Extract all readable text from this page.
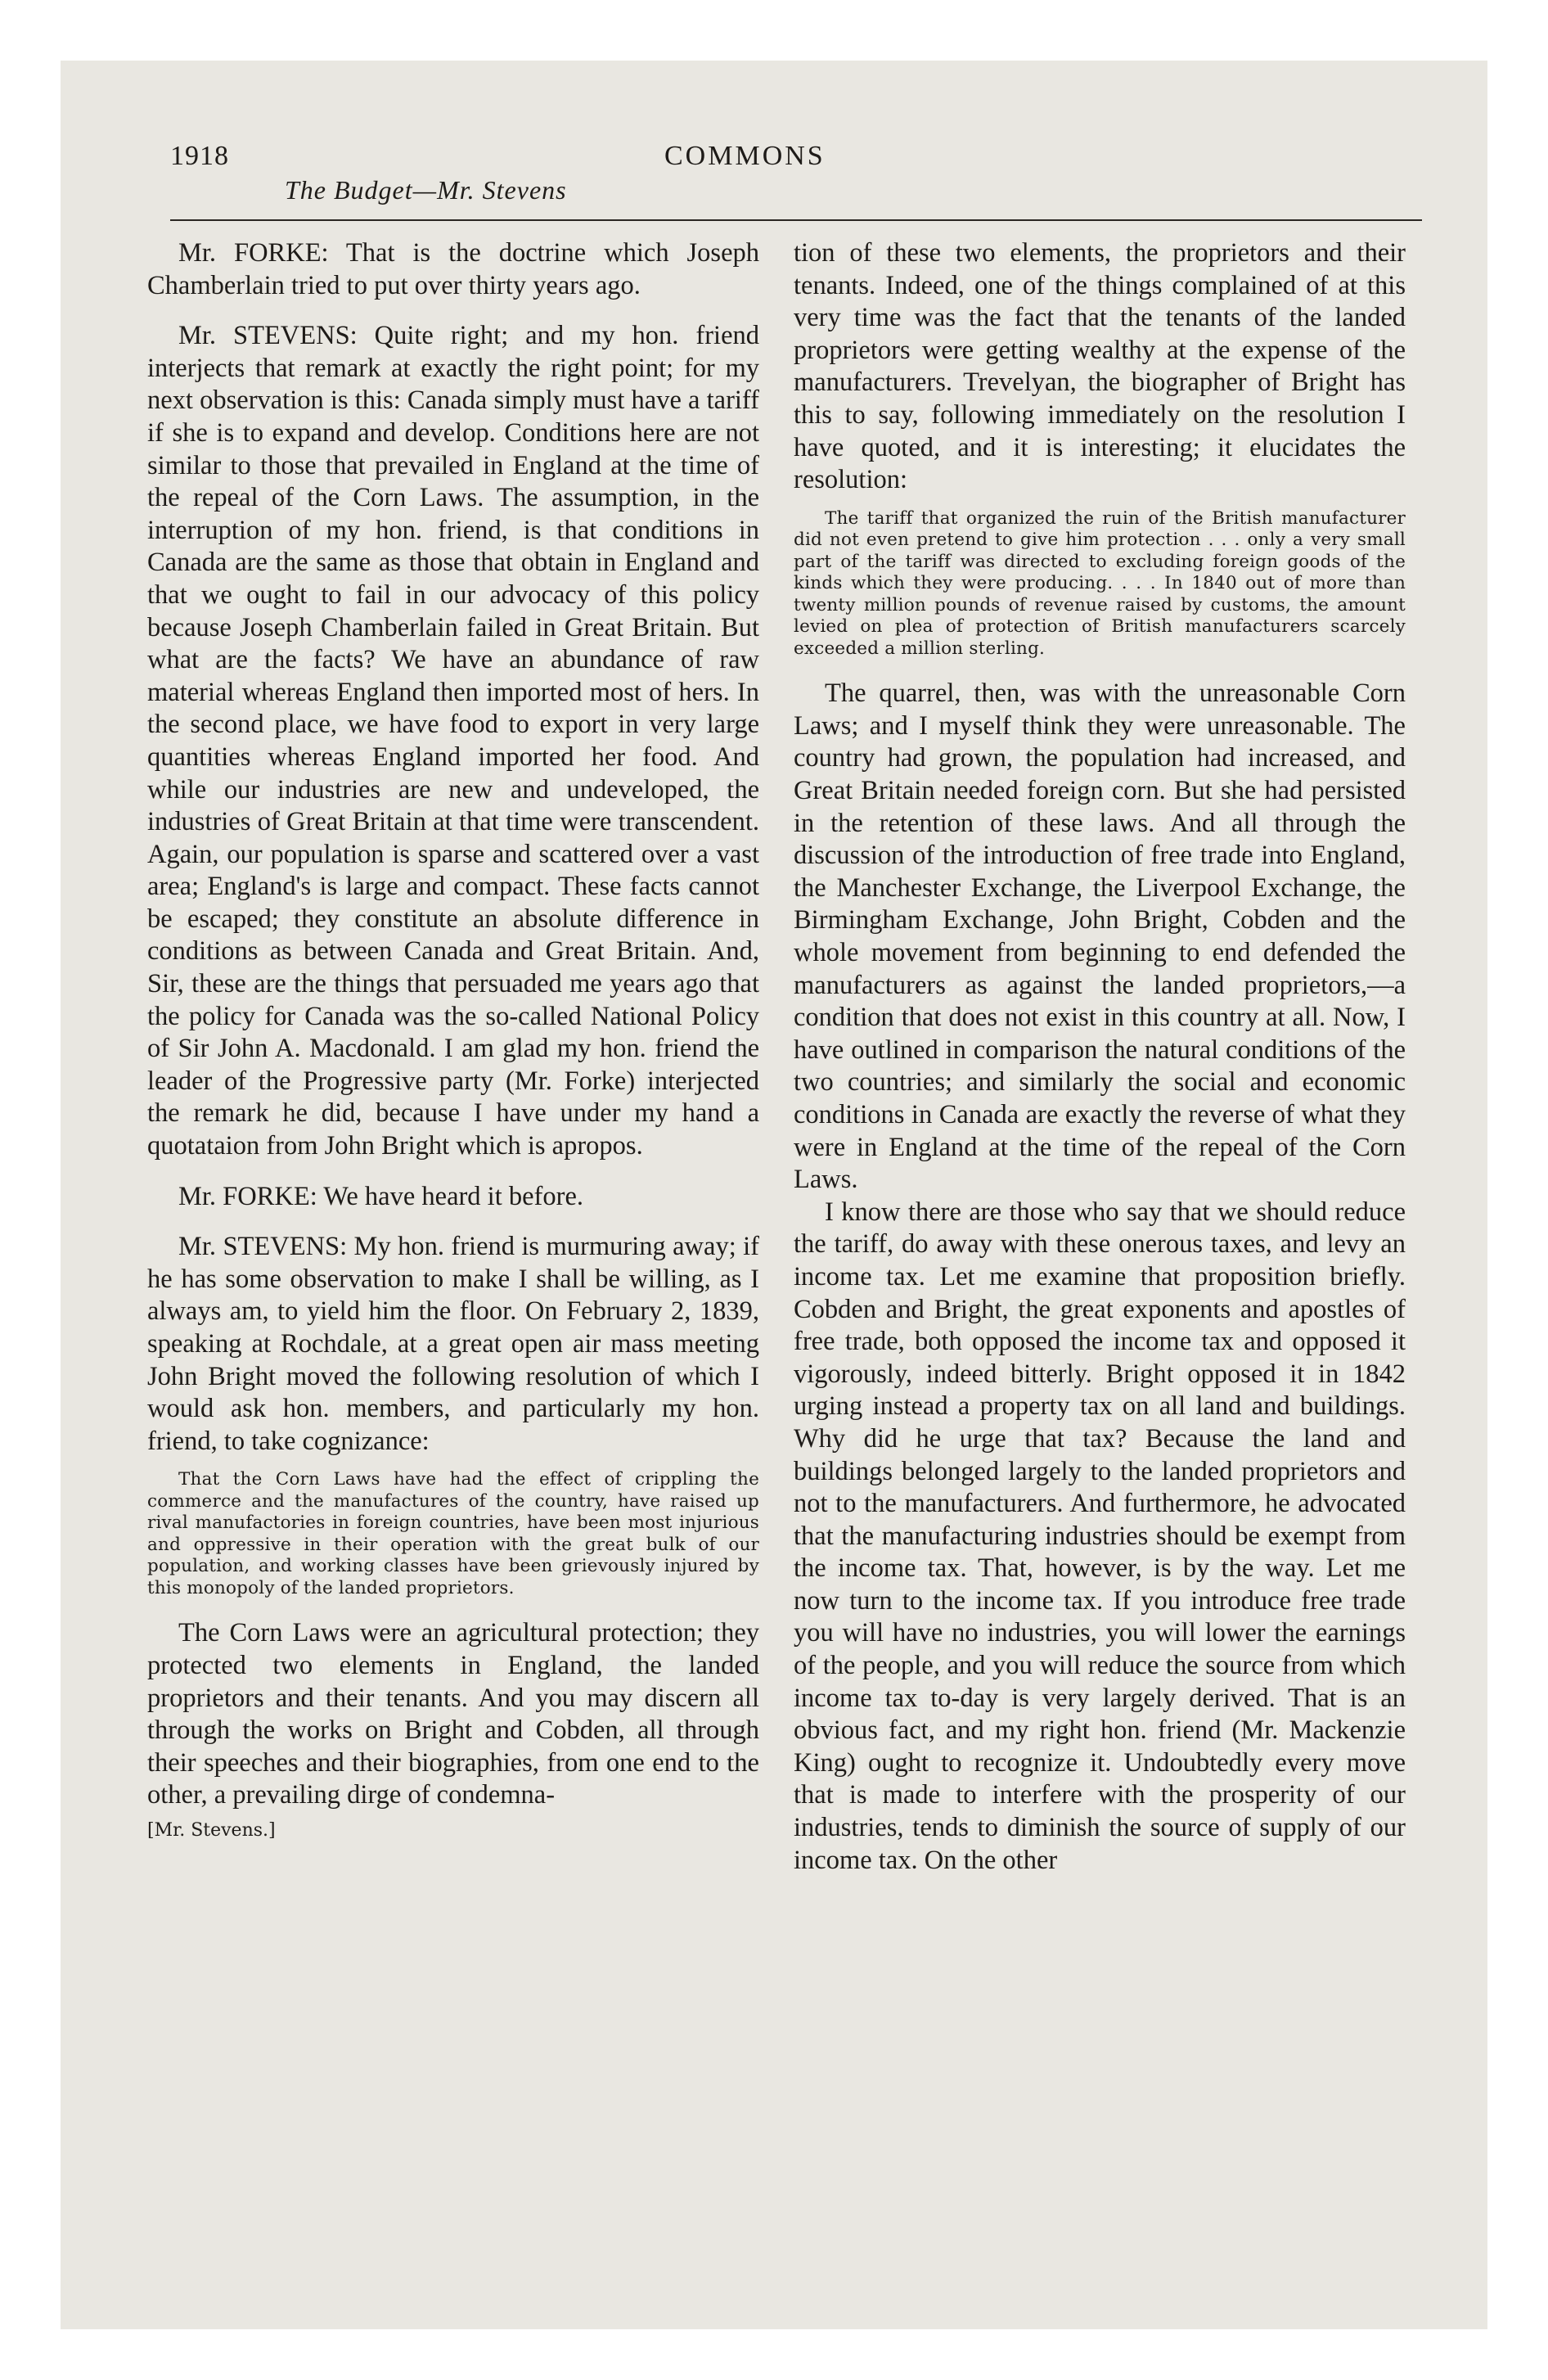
1918	COMMONS
The Budget—Mr. Stevens

Mr. FORKE: That is the doctrine which Joseph Chamberlain tried to put over thirty years ago.

Mr. STEVENS: Quite right; and my hon. friend interjects that remark at exactly the right point; for my next observation is this: Canada simply must have a tariff if she is to expand and develop. Conditions here are not similar to those that prevailed in England at the time of the repeal of the Corn Laws. The assumption, in the interruption of my hon. friend, is that conditions in Canada are the same as those that obtain in England and that we ought to fail in our advocacy of this policy because Joseph Chamberlain failed in Great Britain. But what are the facts? We have an abundance of raw material whereas England then imported most of hers. In the second place, we have food to export in very large quantities whereas England imported her food. And while our industries are new and undeveloped, the industries of Great Britain at that time were transcendent. Again, our population is sparse and scattered over a vast area; England's is large and compact. These facts cannot be escaped; they constitute an absolute difference in conditions as between Canada and Great Britain. And, Sir, these are the things that persuaded me years ago that the policy for Canada was the so-called National Policy of Sir John A. Macdonald. I am glad my hon. friend the leader of the Progressive party (Mr. Forke) interjected the remark he did, because I have under my hand a quotataion from John Bright which is apropos.

Mr. FORKE: We have heard it before.

Mr. STEVENS: My hon. friend is murmuring away; if he has some observation to make I shall be willing, as I always am, to yield him the floor. On February 2, 1839, speaking at Rochdale, at a great open air mass meeting John Bright moved the following resolution of which I would ask hon. members, and particularly my hon. friend, to take cognizance:

That the Corn Laws have had the effect of crippling the commerce and the manufactures of the country, have raised up rival manufactories in foreign countries, have been most injurious and oppressive in their operation with the great bulk of our population, and working classes have been grievously injured by this monopoly of the landed proprietors.

The Corn Laws were an agricultural protection; they protected two elements in England, the landed proprietors and their tenants. And you may discern all through the works on Bright and Cobden, all through their speeches and their biographies, from one end to the other, a prevailing dirge of condemna-

[Mr. Stevens.]

tion of these two elements, the proprietors and their tenants. Indeed, one of the things complained of at this very time was the fact that the tenants of the landed proprietors were getting wealthy at the expense of the manufacturers. Trevelyan, the biographer of Bright has this to say, following immediately on the resolution I have quoted, and it is interesting; it elucidates the resolution:

The tariff that organized the ruin of the British manufacturer did not even pretend to give him protection . . . only a very small part of the tariff was directed to excluding foreign goods of the kinds which they were producing. . . . In 1840 out of more than twenty million pounds of revenue raised by customs, the amount levied on plea of protection of British manufacturers scarcely exceeded a million sterling.

The quarrel, then, was with the unreasonable Corn Laws; and I myself think they were unreasonable. The country had grown, the population had increased, and Great Britain needed foreign corn. But she had persisted in the retention of these laws. And all through the discussion of the introduction of free trade into England, the Manchester Exchange, the Liverpool Exchange, the Birmingham Exchange, John Bright, Cobden and the whole movement from beginning to end defended the manufacturers as against the landed proprietors,—a condition that does not exist in this country at all. Now, I have outlined in comparison the natural conditions of the two countries; and similarly the social and economic conditions in Canada are exactly the reverse of what they were in England at the time of the repeal of the Corn Laws.

I know there are those who say that we should reduce the tariff, do away with these onerous taxes, and levy an income tax. Let me examine that proposition briefly. Cobden and Bright, the great exponents and apostles of free trade, both opposed the income tax and opposed it vigorously, indeed bitterly. Bright opposed it in 1842 urging instead a property tax on all land and buildings. Why did he urge that tax? Because the land and buildings belonged largely to the landed proprietors and not to the manufacturers. And furthermore, he advocated that the manufacturing industries should be exempt from the income tax. That, however, is by the way. Let me now turn to the income tax. If you introduce free trade you will have no industries, you will lower the earnings of the people, and you will reduce the source from which income tax to-day is very largely derived. That is an obvious fact, and my right hon. friend (Mr. Mackenzie King) ought to recognize it. Undoubtedly every move that is made to interfere with the prosperity of our industries, tends to diminish the source of supply of our income tax. On the other
